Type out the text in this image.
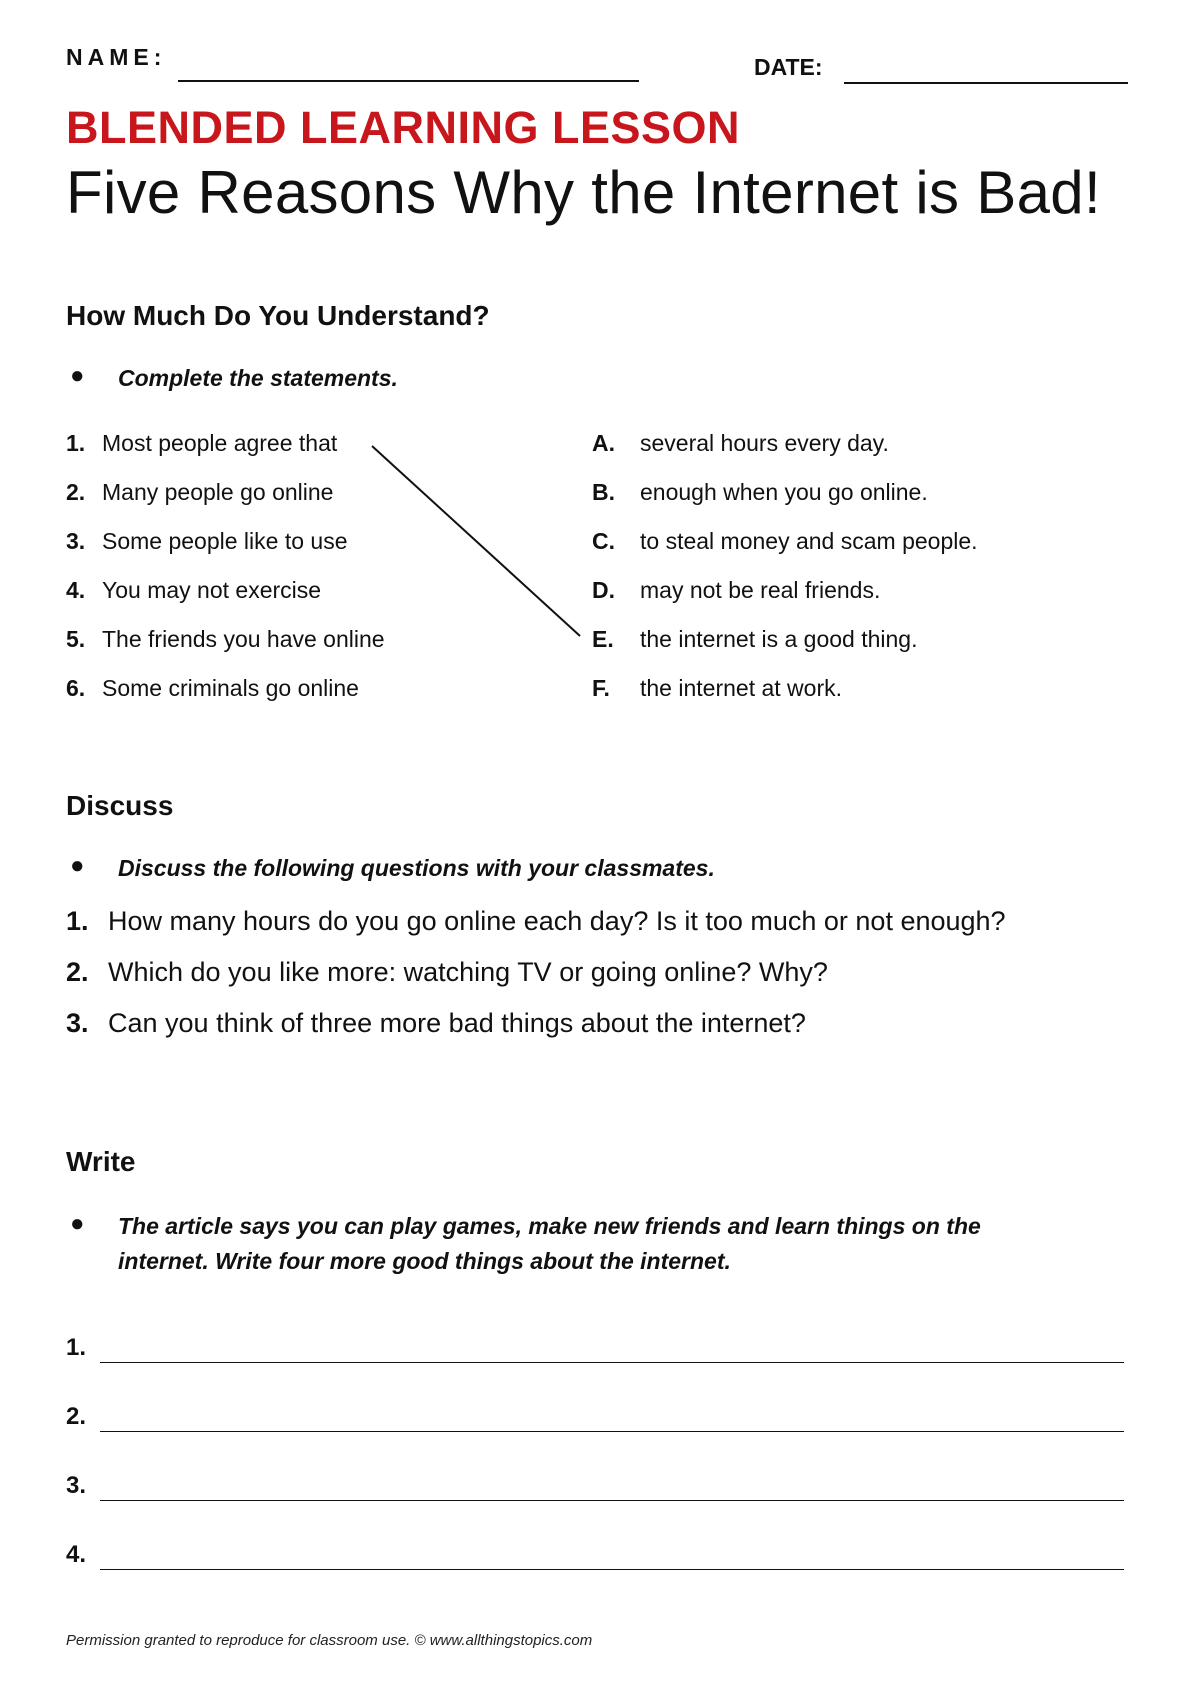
NAME:	DATE:
BLENDED LEARNING LESSON
Five Reasons Why the Internet is Bad!
How Much Do You Understand?
● Complete the statements.
1. Most people agree that
2. Many people go online
3. Some people like to use
4. You may not exercise
5. The friends you have online
6. Some criminals go online
A. several hours every day.
B. enough when you go online.
C. to steal money and scam people.
D. may not be real friends.
E. the internet is a good thing.
F. the internet at work.
Discuss
● Discuss the following questions with your classmates.
1. How many hours do you go online each day? Is it too much or not enough?
2. Which do you like more: watching TV or going online? Why?
3. Can you think of three more bad things about the internet?
Write
● The article says you can play games, make new friends and learn things on the
internet. Write four more good things about the internet.
1.
2.
3.
4.
Permission granted to reproduce for classroom use. © www.allthingstopics.com
